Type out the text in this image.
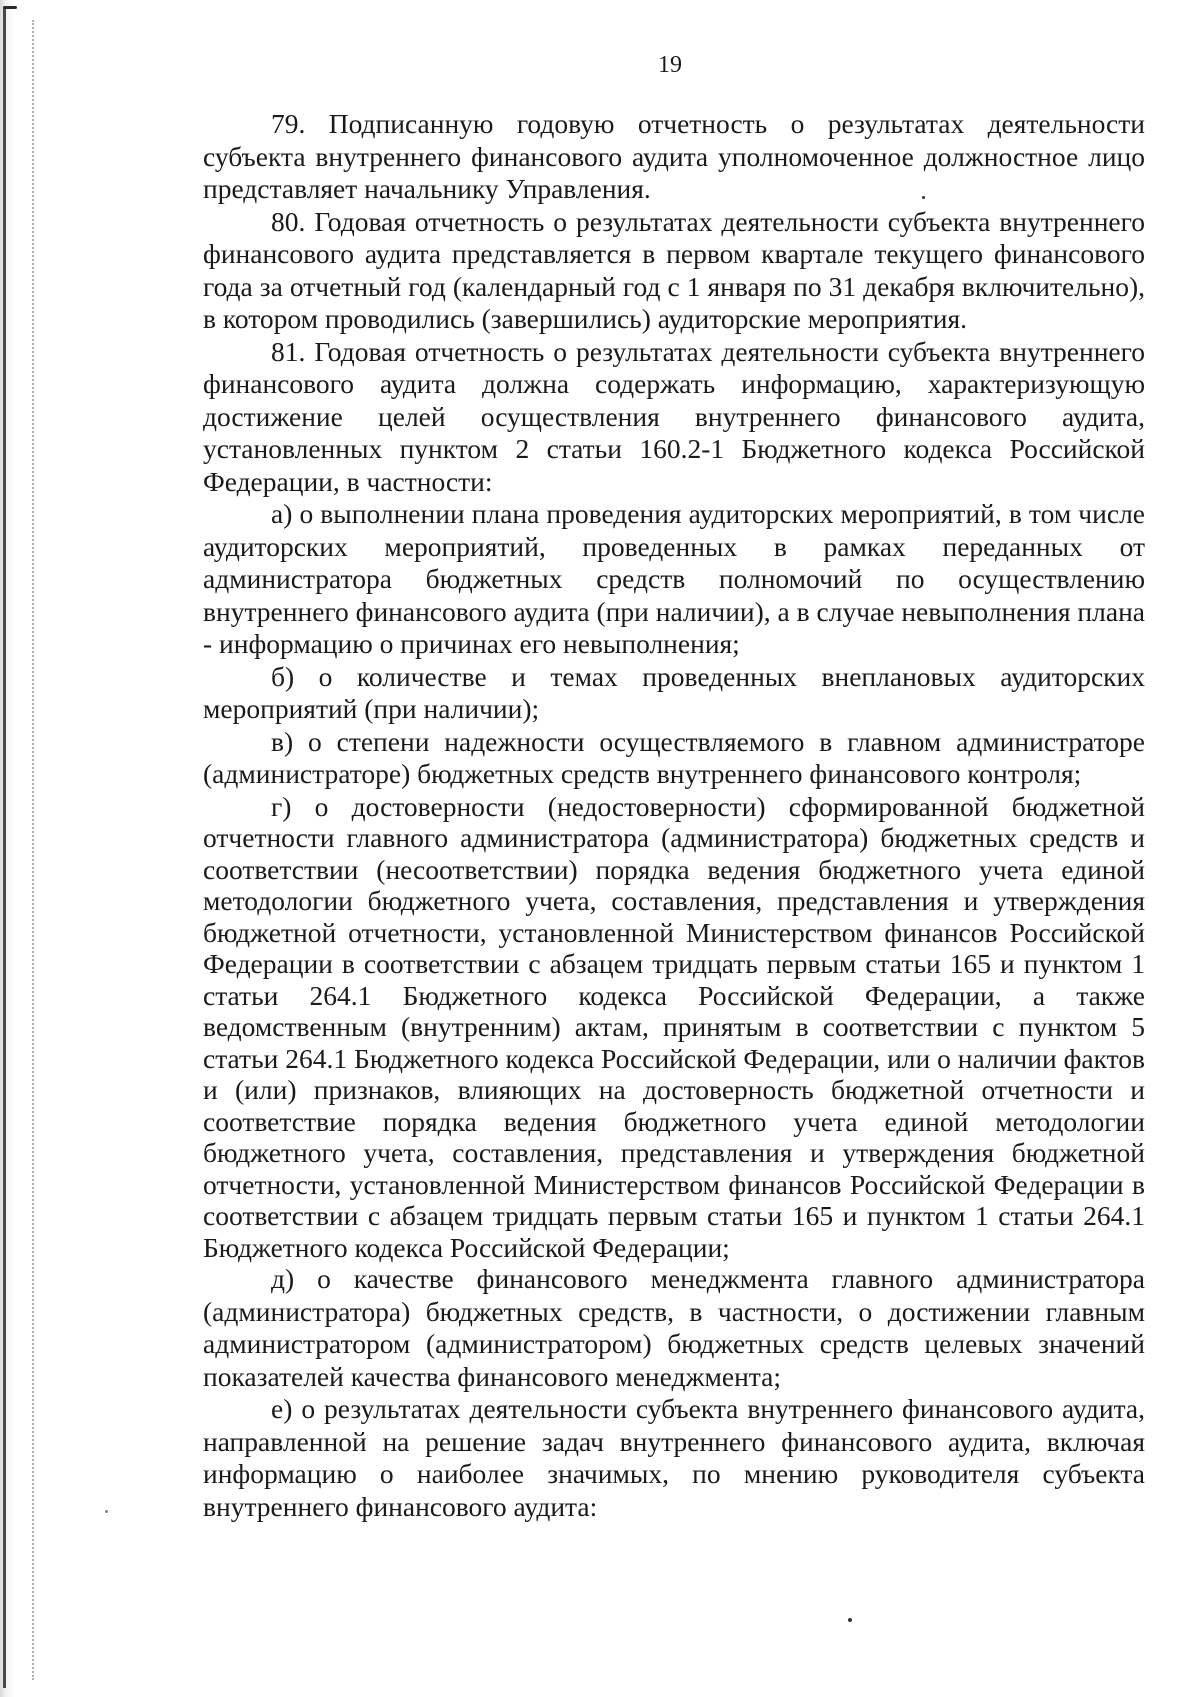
19

79. Подписанную годовую отчетность о результатах деятельности субъекта внутреннего финансового аудита уполномоченное должностное лицо представляет начальнику Управления.

80. Годовая отчетность о результатах деятельности субъекта внутреннего финансового аудита представляется в первом квартале текущего финансового года за отчетный год (календарный год с 1 января по 31 декабря включительно), в котором проводились (завершились) аудиторские мероприятия.

81. Годовая отчетность о результатах деятельности субъекта внутреннего финансового аудита должна содержать информацию, характеризующую достижение целей осуществления внутреннего финансового аудита, установленных пунктом 2 статьи 160.2-1 Бюджетного кодекса Российской Федерации, в частности:

а) о выполнении плана проведения аудиторских мероприятий, в том числе аудиторских мероприятий, проведенных в рамках переданных от администратора бюджетных средств полномочий по осуществлению внутреннего финансового аудита (при наличии), а в случае невыполнения плана - информацию о причинах его невыполнения;

б) о количестве и темах проведенных внеплановых аудиторских мероприятий (при наличии);

в) о степени надежности осуществляемого в главном администраторе (администраторе) бюджетных средств внутреннего финансового контроля;

г) о достоверности (недостоверности) сформированной бюджетной отчетности главного администратора (администратора) бюджетных средств и соответствии (несоответствии) порядка ведения бюджетного учета единой методологии бюджетного учета, составления, представления и утверждения бюджетной отчетности, установленной Министерством финансов Российской Федерации в соответствии с абзацем тридцать первым статьи 165 и пунктом 1 статьи 264.1 Бюджетного кодекса Российской Федерации, а также ведомственным (внутренним) актам, принятым в соответствии с пунктом 5 статьи 264.1 Бюджетного кодекса Российской Федерации, или о наличии фактов и (или) признаков, влияющих на достоверность бюджетной отчетности и соответствие порядка ведения бюджетного учета единой методологии бюджетного учета, составления, представления и утверждения бюджетной отчетности, установленной Министерством финансов Российской Федерации в соответствии с абзацем тридцать первым статьи 165 и пунктом 1 статьи 264.1 Бюджетного кодекса Российской Федерации;

д) о качестве финансового менеджмента главного администратора (администратора) бюджетных средств, в частности, о достижении главным администратором (администратором) бюджетных средств целевых значений показателей качества финансового менеджмента;

е) о результатах деятельности субъекта внутреннего финансового аудита, направленной на решение задач внутреннего финансового аудита, включая информацию о наиболее значимых, по мнению руководителя субъекта внутреннего финансового аудита:
